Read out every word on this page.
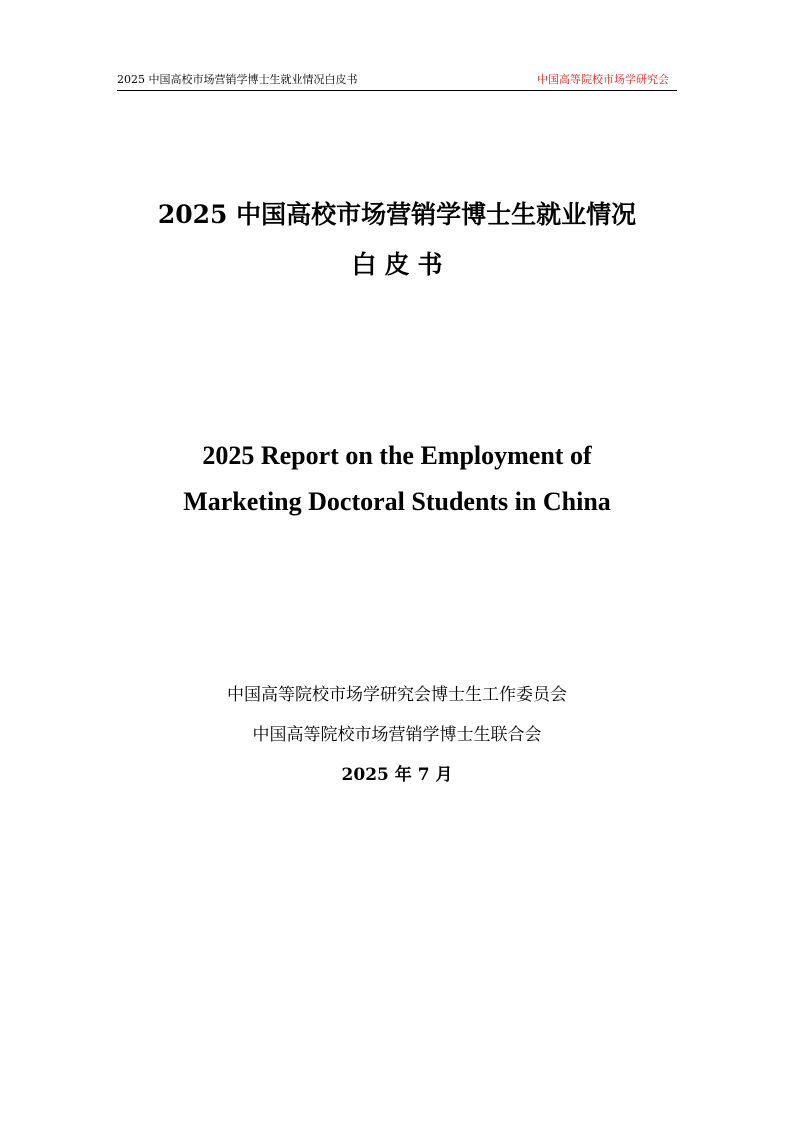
2025 中国高校市场营销学博士生就业情况白皮书	中国高等院校市场学研究会
2025 中国高校市场营销学博士生就业情况
白皮书
2025 Report on the Employment of
Marketing Doctoral Students in China
中国高等院校市场学研究会博士生工作委员会
中国高等院校市场营销学博士生联合会
2025 年 7 月
